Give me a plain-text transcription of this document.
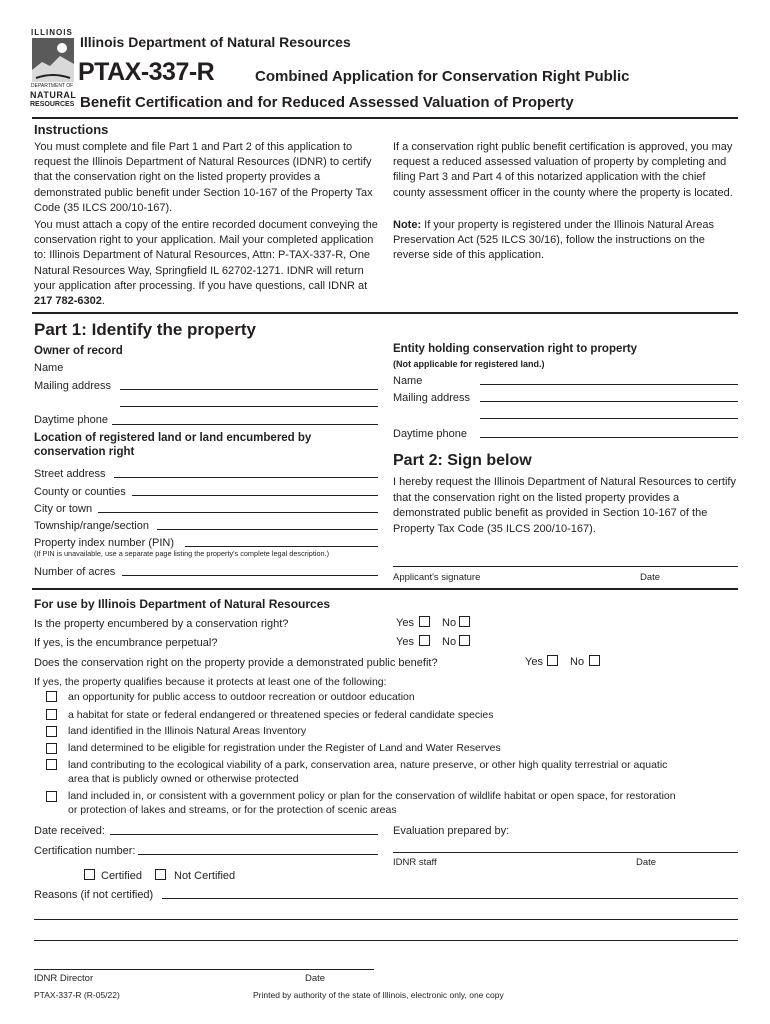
ILLINOIS
DEPARTMENT OF
NATURAL
RESOURCES
Illinois Department of Natural Resources
PTAX-337-R	Combined Application for Conservation Right Public
Benefit Certification and for Reduced Assessed Valuation of Property
Instructions
You must complete and file Part 1 and Part 2 of this application to request the Illinois Department of Natural Resources (IDNR) to certify that the conservation right on the listed property provides a demonstrated public benefit under Section 10-167 of the Property Tax Code (35 ILCS 200/10-167).
You must attach a copy of the entire recorded document conveying the conservation right to your application. Mail your completed application to: Illinois Department of Natural Resources, Attn: P-TAX-337-R, One Natural Resources Way, Springfield IL 62702-1271. IDNR will return your application after processing. If you have questions, call IDNR at 217 782-6302.
If a conservation right public benefit certification is approved, you may request a reduced assessed valuation of property by completing and filing Part 3 and Part 4 of this notarized application with the chief county assessment officer in the county where the property is located.
Note: If your property is registered under the Illinois Natural Areas Preservation Act (525 ILCS 30/16), follow the instructions on the reverse side of this application.
Part 1: Identify the property
Owner of record
Name
Mailing address
Daytime phone
Location of registered land or land encumbered by
conservation right
Street address
County or counties
City or town
Township/range/section
Property index number (PIN)
(If PIN is unavailable, use a separate page listing the property's complete legal description.)
Number of acres
Entity holding conservation right to property
(Not applicable for registered land.)
Name
Mailing address
Daytime phone
Part 2: Sign below
I hereby request the Illinois Department of Natural Resources to certify that the conservation right on the listed property provides a demonstrated public benefit as provided in Section 10-167 of the Property Tax Code (35 ILCS 200/10-167).
Applicant's signature	Date
For use by Illinois Department of Natural Resources
Is the property encumbered by a conservation right?	Yes	No
If yes, is the encumbrance perpetual?	Yes	No
Does the conservation right on the property provide a demonstrated public benefit?	Yes No
If yes, the property qualifies because it protects at least one of the following:
an opportunity for public access to outdoor recreation or outdoor education
a habitat for state or federal endangered or threatened species or federal candidate species
land identified in the Illinois Natural Areas Inventory
land determined to be eligible for registration under the Register of Land and Water Reserves
land contributing to the ecological viability of a park, conservation area, nature preserve, or other high quality terrestrial or aquatic
area that is publicly owned or otherwise protected
land included in, or consistent with a government policy or plan for the conservation of wildlife habitat or open space, for restoration
or protection of lakes and streams, or for the protection of scenic areas
Date received:
Certification number:
Certified	Not Certified
Reasons (if not certified)
Evaluation prepared by:
IDNR staff	Date
IDNR Director	Date
PTAX-337-R (R-05/22)	Printed by authority of the state of Illinois, electronic only, one copy
